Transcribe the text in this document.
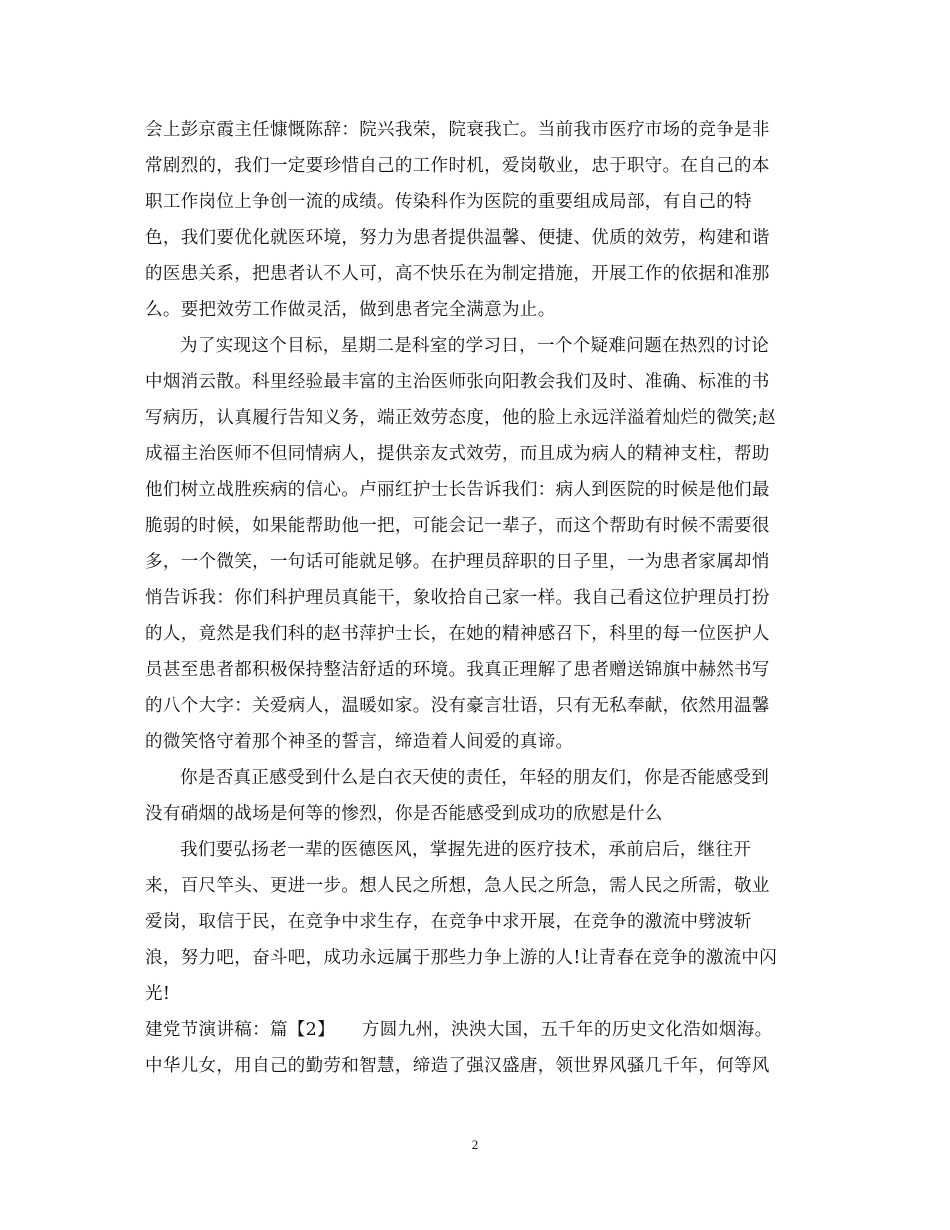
会上彭京霞主任慷慨陈辞：院兴我荣，院衰我亡。当前我市医疗市场的竞争是非
常剧烈的，我们一定要珍惜自己的工作时机，爱岗敬业，忠于职守。在自己的本
职工作岗位上争创一流的成绩。传染科作为医院的重要组成局部，有自己的特
色，我们要优化就医环境，努力为患者提供温馨、便捷、优质的效劳，构建和谐
的医患关系，把患者认不人可，高不快乐在为制定措施，开展工作的依据和准那
么。要把效劳工作做灵活，做到患者完全满意为止。
为了实现这个目标，星期二是科室的学习日，一个个疑难问题在热烈的讨论
中烟消云散。科里经验最丰富的主治医师张向阳教会我们及时、准确、标准的书
写病历，认真履行告知义务，端正效劳态度，他的脸上永远洋溢着灿烂的微笑;赵
成福主治医师不但同情病人，提供亲友式效劳，而且成为病人的精神支柱，帮助
他们树立战胜疾病的信心。卢丽红护士长告诉我们：病人到医院的时候是他们最
脆弱的时候，如果能帮助他一把，可能会记一辈子，而这个帮助有时候不需要很
多，一个微笑，一句话可能就足够。在护理员辞职的日子里，一为患者家属却悄
悄告诉我：你们科护理员真能干，象收拾自己家一样。我自己看这位护理员打扮
的人，竟然是我们科的赵书萍护士长，在她的精神感召下，科里的每一位医护人
员甚至患者都积极保持整洁舒适的环境。我真正理解了患者赠送锦旗中赫然书写
的八个大字：关爱病人，温暖如家。没有豪言壮语，只有无私奉献，依然用温馨
的微笑恪守着那个神圣的誓言，缔造着人间爱的真谛。
你是否真正感受到什么是白衣天使的责任，年轻的朋友们，你是否能感受到
没有硝烟的战场是何等的惨烈，你是否能感受到成功的欣慰是什么
我们要弘扬老一辈的医德医风，掌握先进的医疗技术，承前启后，继往开
来，百尺竿头、更进一步。想人民之所想，急人民之所急，需人民之所需，敬业
爱岗，取信于民，在竞争中求生存，在竞争中求开展，在竞争的激流中劈波斩
浪，努力吧，奋斗吧，成功永远属于那些力争上游的人!让青春在竞争的激流中闪
光!
建党节演讲稿：篇【2】　　方圆九州，泱泱大国，五千年的历史文化浩如烟海。
中华儿女，用自己的勤劳和智慧，缔造了强汉盛唐，领世界风骚几千年，何等风
2
